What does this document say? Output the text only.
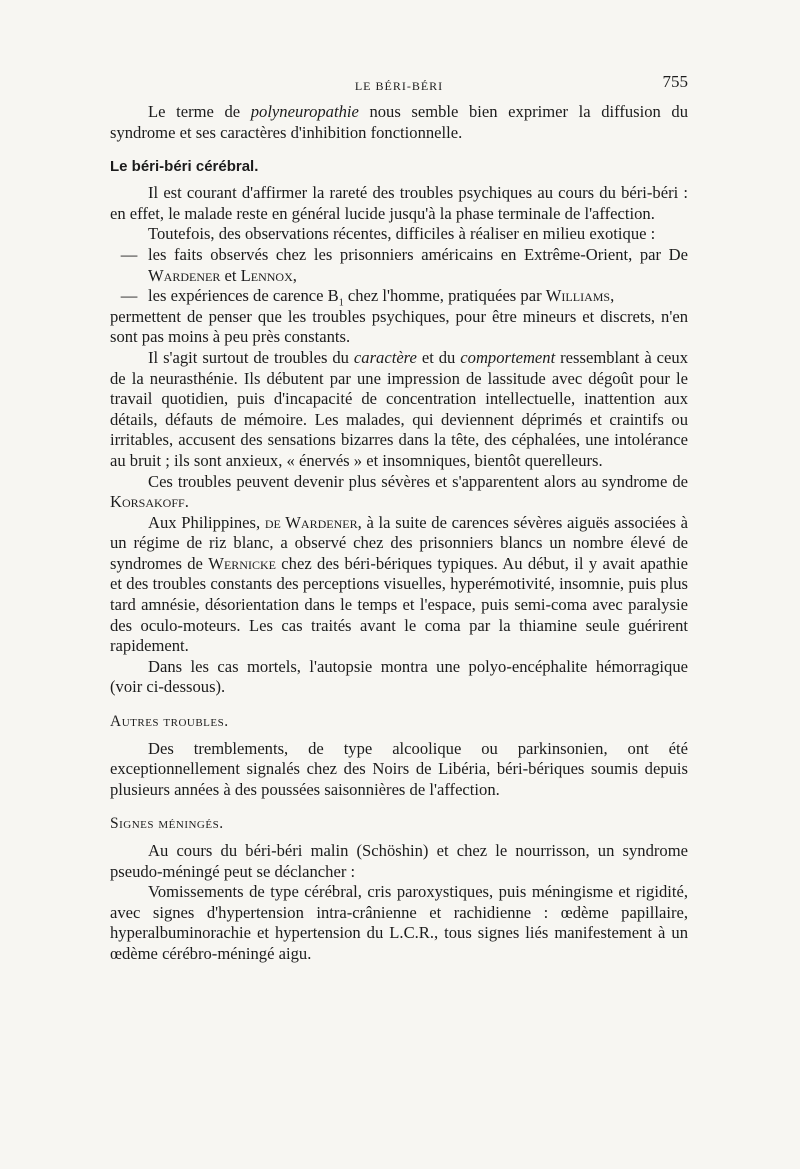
LE BÉRI-BÉRI	755

Le terme de polyneuropathie nous semble bien exprimer la diffusion du syndrome et ses caractères d'inhibition fonctionnelle.

Le béri-béri cérébral.

Il est courant d'affirmer la rareté des troubles psychiques au cours du béri-béri : en effet, le malade reste en général lucide jusqu'à la phase terminale de l'affection.

Toutefois, des observations récentes, difficiles à réaliser en milieu exotique :

— les faits observés chez les prisonniers américains en Extrême-Orient, par De Wardener et Lennox,
— les expériences de carence $B_1$ chez l'homme, pratiquées par Williams,

permettent de penser que les troubles psychiques, pour être mineurs et discrets, n'en sont pas moins à peu près constants.

Il s'agit surtout de troubles du caractère et du comportement ressemblant à ceux de la neurasthénie. Ils débutent par une impression de lassitude avec dégoût pour le travail quotidien, puis d'incapacité de concentration intellectuelle, inattention aux détails, défauts de mémoire. Les malades, qui deviennent déprimés et craintifs ou irritables, accusent des sensations bizarres dans la tête, des céphalées, une intolérance au bruit ; ils sont anxieux, « énervés » et insomniques, bientôt querelleurs.

Ces troubles peuvent devenir plus sévères et s'apparentent alors au syndrome de Korsakoff.

Aux Philippines, de Wardener, à la suite de carences sévères aiguës associées à un régime de riz blanc, a observé chez des prisonniers blancs un nombre élevé de syndromes de Wernicke chez des béri-bériques typiques. Au début, il y avait apathie et des troubles constants des perceptions visuelles, hyperémotivité, insomnie, puis plus tard amnésie, désorientation dans le temps et l'espace, puis semi-coma avec paralysie des oculo-moteurs. Les cas traités avant le coma par la thiamine seule guérirent rapidement.

Dans les cas mortels, l'autopsie montra une polyo-encéphalite hémorragique (voir ci-dessous).

Autres troubles.

Des tremblements, de type alcoolique ou parkinsonien, ont été exceptionnellement signalés chez des Noirs de Libéria, béri-bériques soumis depuis plusieurs années à des poussées saisonnières de l'affection.

Signes méningés.

Au cours du béri-béri malin (Schöshin) et chez le nourrisson, un syndrome pseudo-méningé peut se déclancher :

Vomissements de type cérébral, cris paroxystiques, puis méningisme et rigidité, avec signes d'hypertension intra-crânienne et rachidienne : œdème papillaire, hyperalbuminorachie et hypertension du L.C.R., tous signes liés manifestement à un œdème cérébro-méningé aigu.
